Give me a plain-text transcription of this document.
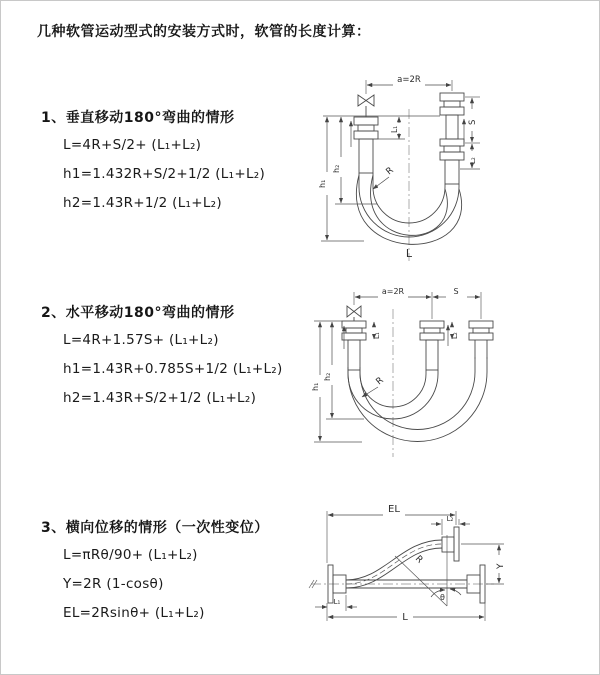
几种软管运动型式的安装方式时，软管的长度计算：
1、垂直移动180°弯曲的情形
L=4R+S/2+ (L₁+L₂)
h1=1.432R+S/2+1/2 (L₁+L₂)
h2=1.43R+1/2 (L₁+L₂)
2、水平移动180°弯曲的情形
L=4R+1.57S+ (L₁+L₂)
h1=1.43R+0.785S+1/2 (L₁+L₂)
h2=1.43R+S/2+1/2 (L₁+L₂)
3、横向位移的情形（一次性变位）
L=πRθ/90+ (L₁+L₂)
Y=2R (1-cosθ)
EL=2Rsinθ+ (L₁+L₂)
a=2R
h₁
h₂
L₁
S
L₂
R
L
a=2R	S
h₁
h₂
L₁	L₂
R
EL
L₂
Y
θ
R
L
L₁
